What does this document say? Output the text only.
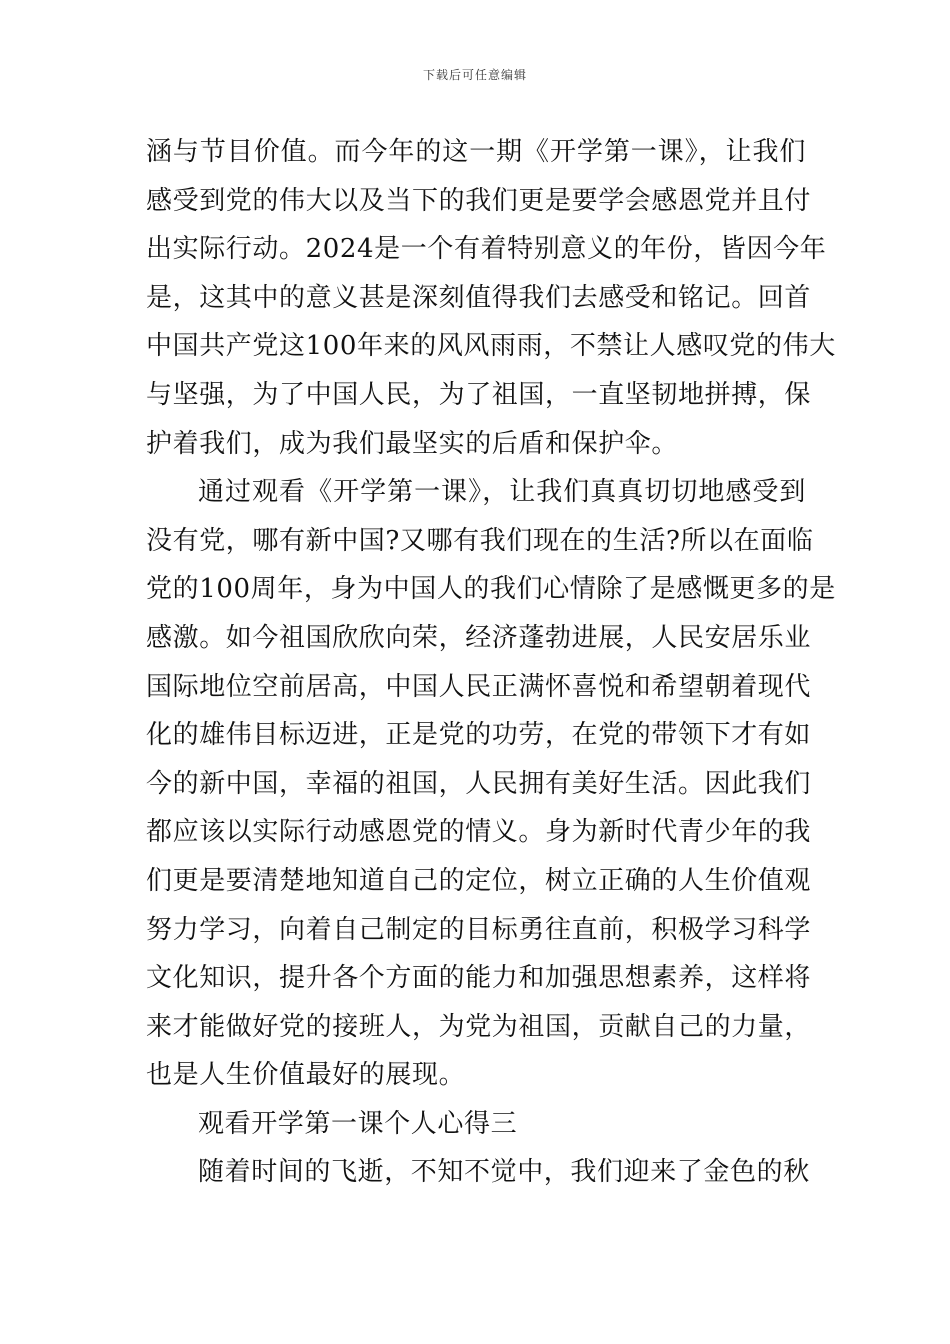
下载后可任意编辑
涵与节目价值。而今年的这一期《开学第一课》，让我们
感受到党的伟大以及当下的我们更是要学会感恩党并且付
出实际行动。2024是一个有着特别意义的年份，皆因今年
是，这其中的意义甚是深刻值得我们去感受和铭记。回首
中国共产党这100年来的风风雨雨，不禁让人感叹党的伟大
与坚强，为了中国人民，为了祖国，一直坚韧地拼搏，保
护着我们，成为我们最坚实的后盾和保护伞。
通过观看《开学第一课》，让我们真真切切地感受到
没有党，哪有新中国?又哪有我们现在的生活?所以在面临
党的100周年，身为中国人的我们心情除了是感慨更多的是
感激。如今祖国欣欣向荣，经济蓬勃进展，人民安居乐业
国际地位空前居高，中国人民正满怀喜悦和希望朝着现代
化的雄伟目标迈进，正是党的功劳，在党的带领下才有如
今的新中国，幸福的祖国，人民拥有美好生活。因此我们
都应该以实际行动感恩党的情义。身为新时代青少年的我
们更是要清楚地知道自己的定位，树立正确的人生价值观
努力学习，向着自己制定的目标勇往直前，积极学习科学
文化知识，提升各个方面的能力和加强思想素养，这样将
来才能做好党的接班人，为党为祖国，贡献自己的力量，
也是人生价值最好的展现。
观看开学第一课个人心得三
随着时间的飞逝，不知不觉中，我们迎来了金色的秋
